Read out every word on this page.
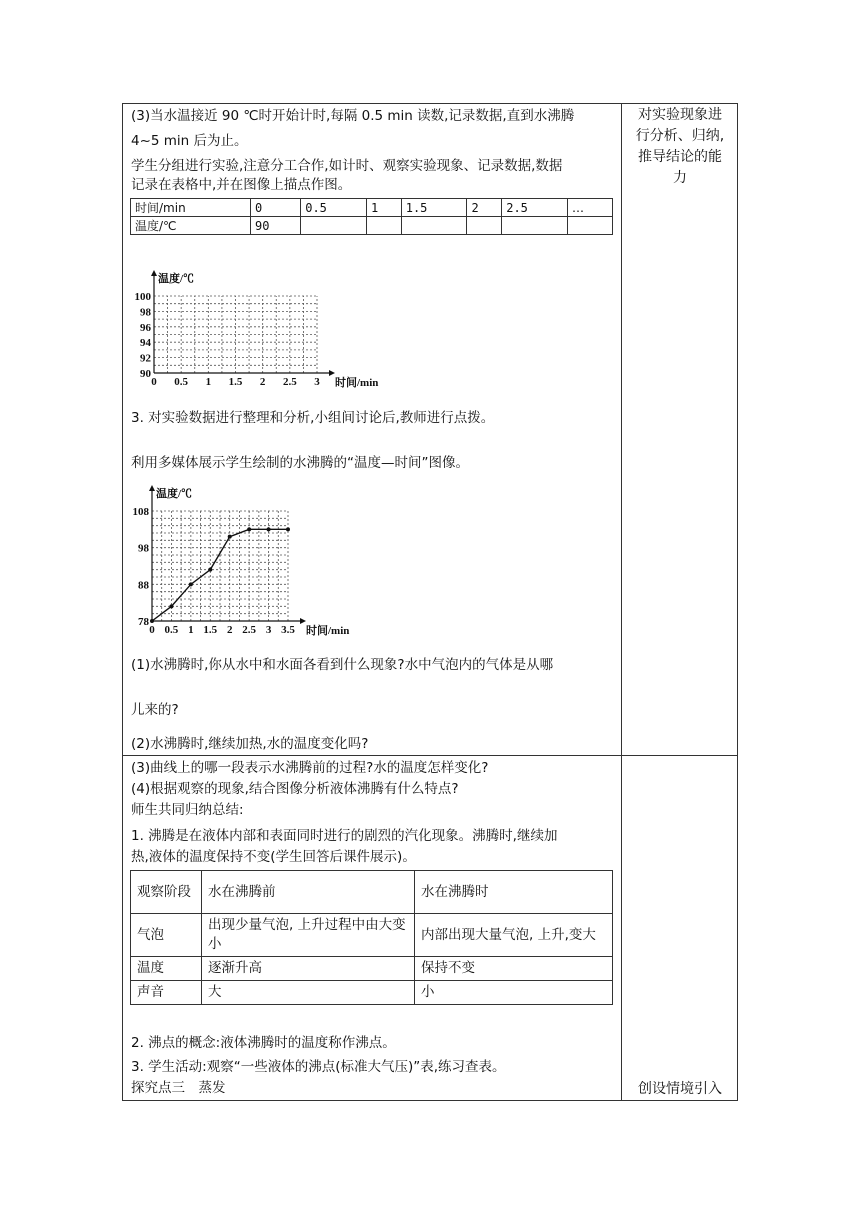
(3)当水温接近 90 ℃时开始计时,每隔 0.5 min 读数,记录数据,直到水沸腾
4~5 min 后为止。
学生分组进行实验,注意分工合作,如计时、观察实验现象、记录数据,数据
记录在表格中,并在图像上描点作图。
时间/min	0	0.5	1	1.5	2	2.5	…
温度/℃	90						
0 0.5 1 1.5 2 2.5 3
90
92
94
96
98
100
温度/℃
时间/min
3. 对实验数据进行整理和分析,小组间讨论后,教师进行点拨。
利用多媒体展示学生绘制的水沸腾的“温度—时间”图像。
0 0.5 1 1.5 2 2.5 3 3.5
78
88
98
108
温度/℃
时间/min
(1)水沸腾时,你从水中和水面各看到什么现象?水中气泡内的气体是从哪
儿来的?
(2)水沸腾时,继续加热,水的温度变化吗?
对实验现象进
行分析、归纳,
推导结论的能
力
(3)曲线上的哪一段表示水沸腾前的过程?水的温度怎样变化?
(4)根据观察的现象,结合图像分析液体沸腾有什么特点?
师生共同归纳总结:
1. 沸腾是在液体内部和表面同时进行的剧烈的汽化现象。沸腾时,继续加
热,液体的温度保持不变(学生回答后课件展示)。
观察阶段	水在沸腾前	水在沸腾时
气泡	出现少量气泡, 上升过程中由大变小	内部出现大量气泡, 上升,变大
温度	逐渐升高	保持不变
声音	大	小
2. 沸点的概念:液体沸腾时的温度称作沸点。
3. 学生活动:观察“一些液体的沸点(标准大气压)”表,练习查表。
探究点三　蒸发	创设情境引入
